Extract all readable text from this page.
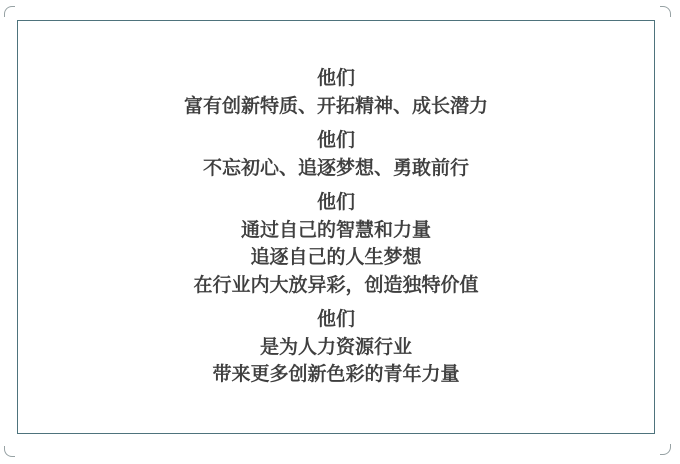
他们
富有创新特质、开拓精神、成长潜力
他们
不忘初心、追逐梦想、勇敢前行
他们
通过自己的智慧和力量
追逐自己的人生梦想
在行业内大放异彩，创造独特价值
他们
是为人力资源行业
带来更多创新色彩的青年力量
